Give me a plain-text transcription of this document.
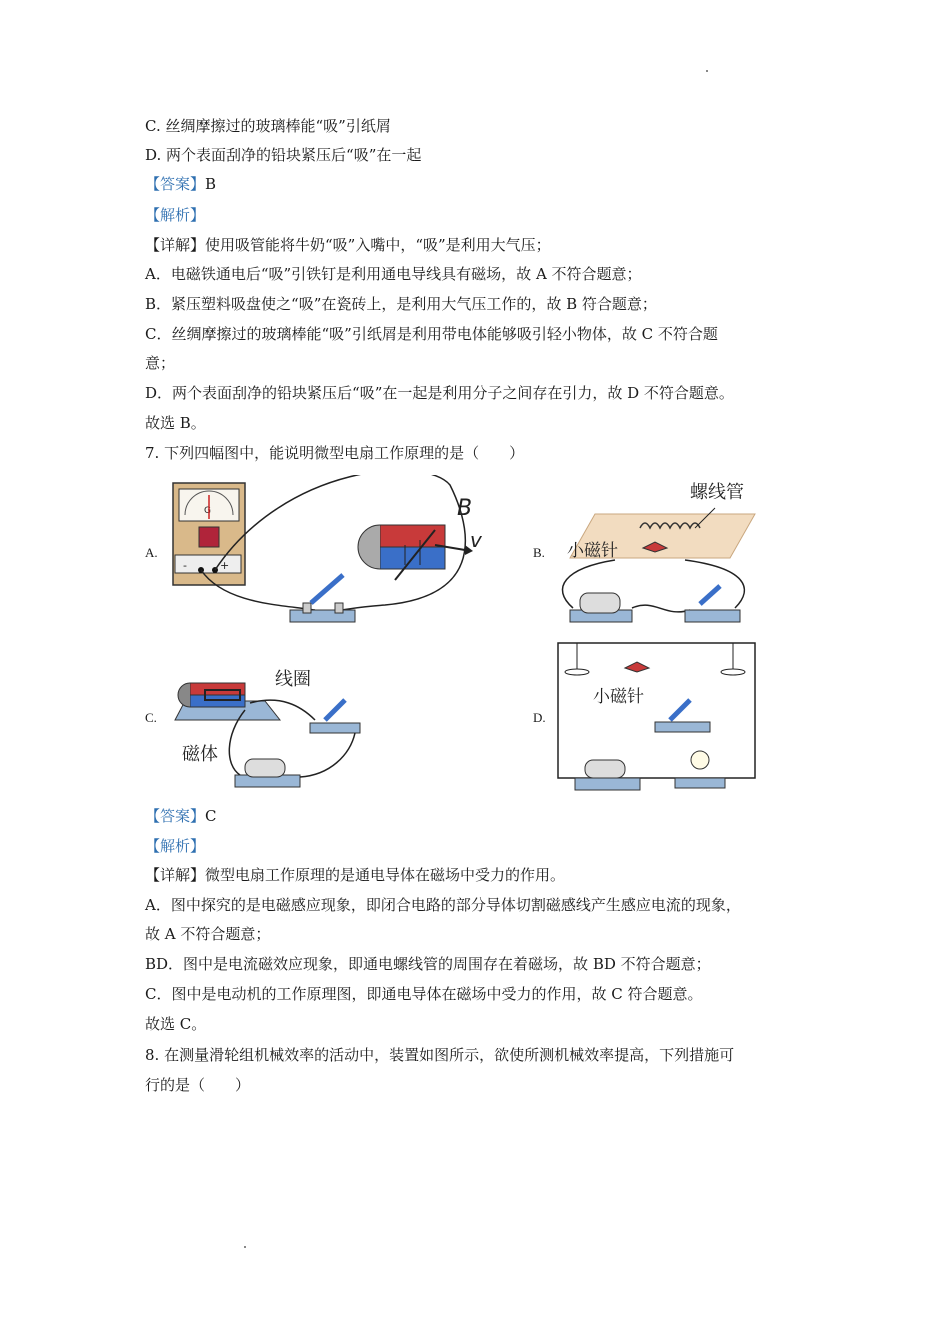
C. 丝绸摩擦过的玻璃棒能“吸”引纸屑
D. 两个表面刮净的铅块紧压后“吸”在一起
【答案】B
【解析】
【详解】使用吸管能将牛奶“吸”入嘴中，“吸”是利用大气压；
A．电磁铁通电后“吸”引铁钉是利用通电导线具有磁场，故 A 不符合题意；
B．紧压塑料吸盘使之“吸”在瓷砖上，是利用大气压工作的，故 B 符合题意；
C．丝绸摩擦过的玻璃棒能“吸”引纸屑是利用带电体能够吸引轻小物体，故 C 不符合题
意；
D．两个表面刮净的铅块紧压后“吸”在一起是利用分子之间存在引力，故 D 不符合题意。
故选 B。
7. 下列四幅图中，能说明微型电扇工作原理的是（　　）
A.	B.
C.	D.
G
-	+
B
v
螺线管
小磁针
线圈
磁体
小磁针
【答案】C
【解析】
【详解】微型电扇工作原理的是通电导体在磁场中受力的作用。
A．图中探究的是电磁感应现象，即闭合电路的部分导体切割磁感线产生感应电流的现象，
故 A 不符合题意；
BD．图中是电流磁效应现象，即通电螺线管的周围存在着磁场，故 BD 不符合题意；
C．图中是电动机的工作原理图，即通电导体在磁场中受力的作用，故 C 符合题意。
故选 C。
8. 在测量滑轮组机械效率的活动中，装置如图所示，欲使所测机械效率提高，下列措施可
行的是（　　）
